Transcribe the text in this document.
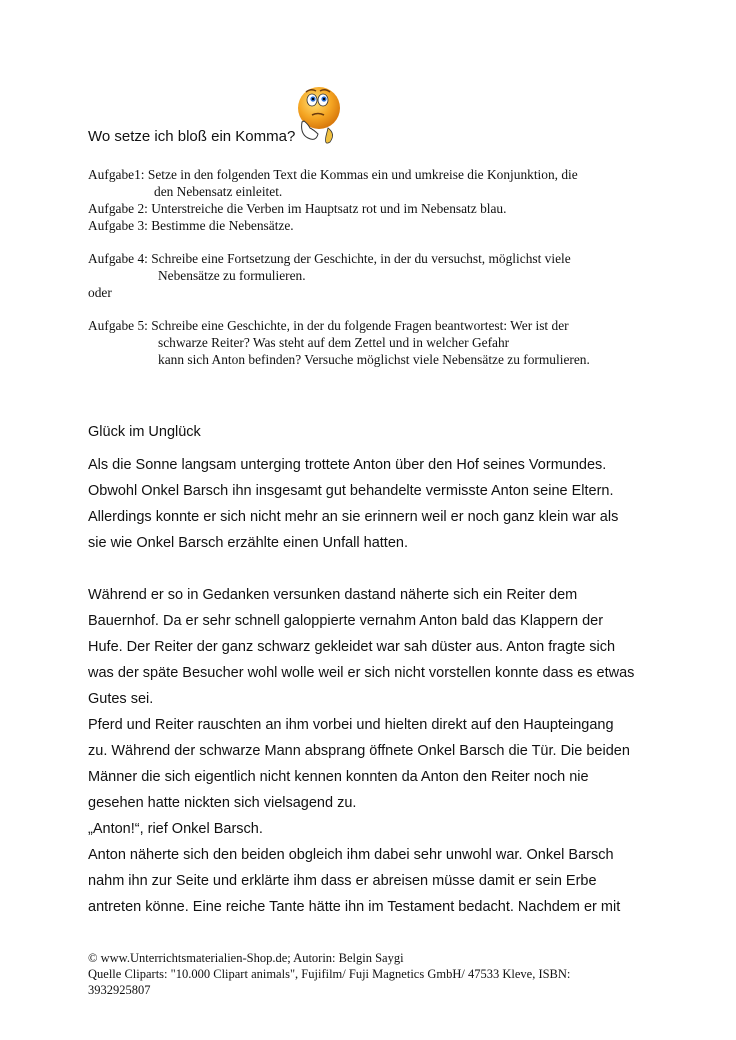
Wo setze ich bloß ein Komma?
Aufgabe1: Setze in den folgenden Text die Kommas ein und umkreise die Konjunktion, die
den Nebensatz einleitet.
Aufgabe 2: Unterstreiche die Verben im Hauptsatz rot und im Nebensatz blau.
Aufgabe 3: Bestimme die Nebensätze.
Aufgabe 4: Schreibe eine Fortsetzung der Geschichte, in der du versuchst, möglichst viele
Nebensätze zu formulieren.
oder
Aufgabe 5: Schreibe eine Geschichte, in der du folgende Fragen beantwortest: Wer ist der
schwarze Reiter? Was steht auf dem Zettel und in welcher Gefahr
kann sich Anton befinden? Versuche möglichst viele Nebensätze zu formulieren.
Glück im Unglück

Als die Sonne langsam unterging trottete Anton über den Hof seines Vormundes.

Obwohl Onkel Barsch ihn insgesamt gut behandelte vermisste Anton seine Eltern.

Allerdings konnte er sich nicht mehr an sie erinnern weil er noch ganz klein war als

sie wie Onkel Barsch erzählte einen Unfall hatten.

Während er so in Gedanken versunken dastand näherte sich ein Reiter dem

Bauernhof. Da er sehr schnell galoppierte vernahm Anton bald das Klappern der

Hufe. Der Reiter der ganz schwarz gekleidet war sah düster aus. Anton fragte sich

was der späte Besucher wohl wolle weil er sich nicht vorstellen konnte dass es etwas

Gutes sei.

Pferd und Reiter rauschten an ihm vorbei und hielten direkt auf den Haupteingang

zu. Während der schwarze Mann absprang öffnete Onkel Barsch die Tür. Die beiden

Männer die sich eigentlich nicht kennen konnten da Anton den Reiter noch nie

gesehen hatte nickten sich vielsagend zu.

„Anton!“, rief Onkel Barsch.

Anton näherte sich den beiden obgleich ihm dabei sehr unwohl war. Onkel Barsch

nahm ihn zur Seite und erklärte ihm dass er abreisen müsse damit er sein Erbe

antreten könne. Eine reiche Tante hätte ihn im Testament bedacht. Nachdem er mit

© www.Unterrichtsmaterialien-Shop.de; Autorin: Belgin Saygi
Quelle Cliparts: "10.000 Clipart animals", Fujifilm/ Fuji Magnetics GmbH/ 47533 Kleve, ISBN:
3932925807
